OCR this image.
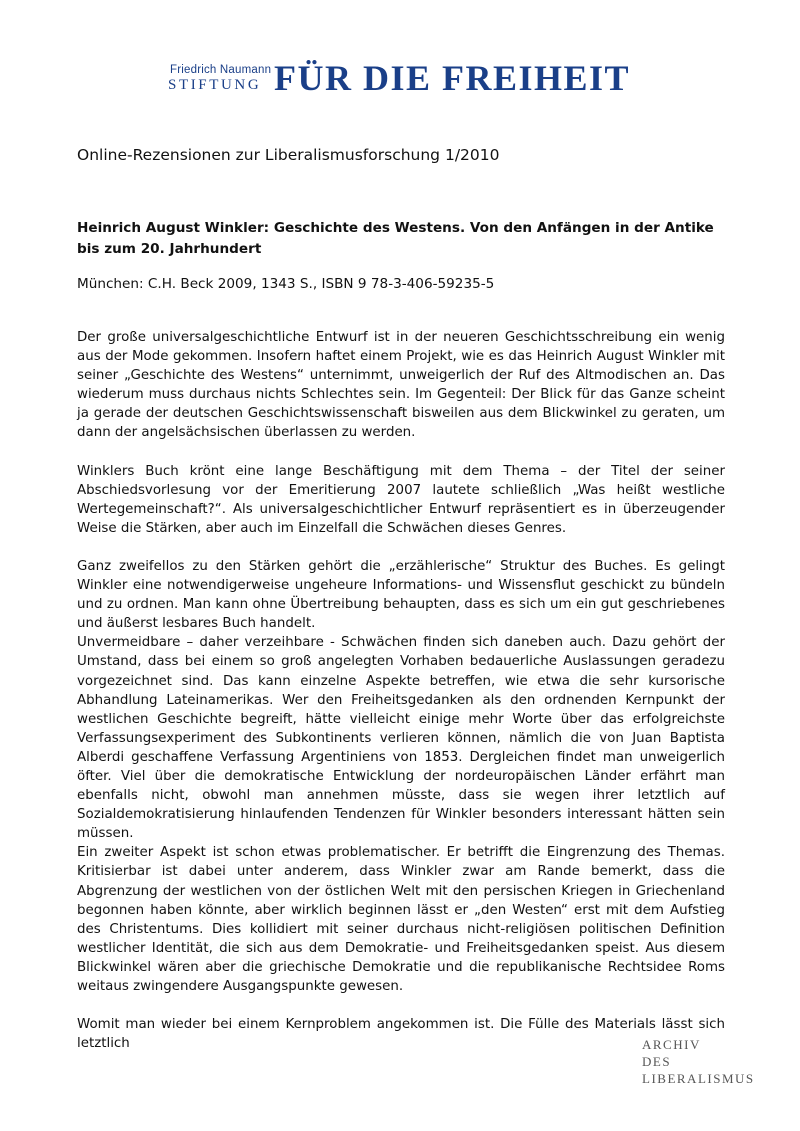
Friedrich Naumann
STIFTUNG FÜR DIE FREIHEIT
Online-Rezensionen zur Liberalismusforschung 1/2010
Heinrich August Winkler: Geschichte des Westens. Von den Anfängen in der Antike bis zum 20. Jahrhundert
München: C.H. Beck 2009, 1343 S., ISBN 9 78-3-406-59235-5

Der große universalgeschichtliche Entwurf ist in der neueren Geschichtsschreibung ein wenig aus der Mode gekommen. Insofern haftet einem Projekt, wie es das Heinrich August Winkler mit seiner „Geschichte des Westens“ unternimmt, unweigerlich der Ruf des Altmodischen an. Das wiederum muss durchaus nichts Schlechtes sein. Im Gegenteil: Der Blick für das Ganze scheint ja gerade der deutschen Geschichtswissenschaft bisweilen aus dem Blickwinkel zu geraten, um dann der angelsächsischen überlassen zu werden.

Winklers Buch krönt eine lange Beschäftigung mit dem Thema – der Titel der seiner Abschiedsvorlesung vor der Emeritierung 2007 lautete schließlich „Was heißt westliche Wertegemeinschaft?“. Als universalgeschichtlicher Entwurf repräsentiert es in überzeugender Weise die Stärken, aber auch im Einzelfall die Schwächen dieses Genres.

Ganz zweifellos zu den Stärken gehört die „erzählerische“ Struktur des Buches. Es gelingt Winkler eine notwendigerweise ungeheure Informations- und Wissensflut geschickt zu bündeln und zu ordnen. Man kann ohne Übertreibung behaupten, dass es sich um ein gut geschriebenes und äußerst lesbares Buch handelt.

Unvermeidbare – daher verzeihbare - Schwächen finden sich daneben auch. Dazu gehört der Umstand, dass bei einem so groß angelegten Vorhaben bedauerliche Auslassungen geradezu vorgezeichnet sind. Das kann einzelne Aspekte betreffen, wie etwa die sehr kursorische Abhandlung Lateinamerikas. Wer den Freiheitsgedanken als den ordnenden Kernpunkt der westlichen Geschichte begreift, hätte vielleicht einige mehr Worte über das erfolgreichste Verfassungsexperiment des Subkontinents verlieren können, nämlich die von Juan Baptista Alberdi geschaffene Verfassung Argentiniens von 1853. Dergleichen findet man unweigerlich öfter. Viel über die demokratische Entwicklung der nordeuropäischen Länder erfährt man ebenfalls nicht, obwohl man annehmen müsste, dass sie wegen ihrer letztlich auf Sozialdemokratisierung hinlaufenden Tendenzen für Winkler besonders interessant hätten sein müssen.

Ein zweiter Aspekt ist schon etwas problematischer. Er betrifft die Eingrenzung des Themas. Kritisierbar ist dabei unter anderem, dass Winkler zwar am Rande bemerkt, dass die Abgrenzung der westlichen von der östlichen Welt mit den persischen Kriegen in Griechenland begonnen haben könnte, aber wirklich beginnen lässt er „den Westen“ erst mit dem Aufstieg des Christentums. Dies kollidiert mit seiner durchaus nicht-religiösen politischen Definition westlicher Identität, die sich aus dem Demokratie- und Freiheitsgedanken speist. Aus diesem Blickwinkel wären aber die griechische Demokratie und die republikanische Rechtsidee Roms weitaus zwingendere Ausgangspunkte gewesen.

Womit man wieder bei einem Kernproblem angekommen ist. Die Fülle des Materials lässt sich letztlich	ARCHIV
DES
LIBERALISMUS
